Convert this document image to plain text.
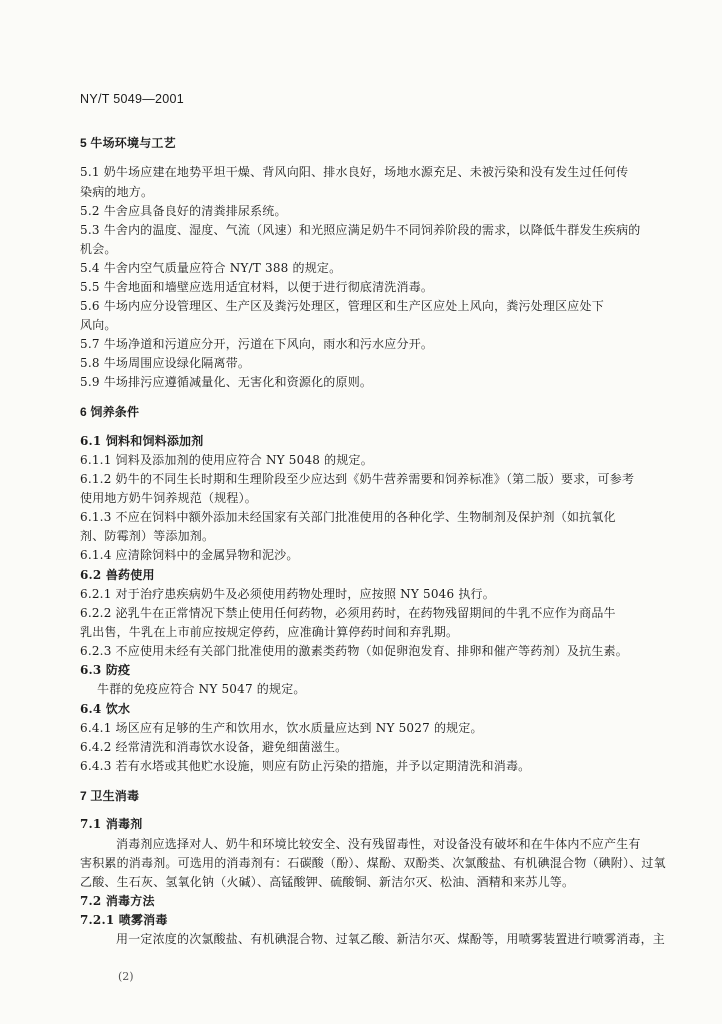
NY/T 5049—2001
5 牛场环境与工艺
5.1 奶牛场应建在地势平坦干燥、背风向阳、排水良好，场地水源充足、未被污染和没有发生过任何传
染病的地方。
5.2 牛舍应具备良好的清粪排尿系统。
5.3 牛舍内的温度、湿度、气流（风速）和光照应满足奶牛不同饲养阶段的需求，以降低牛群发生疾病的
机会。
5.4 牛舍内空气质量应符合 NY/T 388 的规定。
5.5 牛舍地面和墙壁应选用适宜材料，以便于进行彻底清洗消毒。
5.6 牛场内应分设管理区、生产区及粪污处理区，管理区和生产区应处上风向，粪污处理区应处下
风向。
5.7 牛场净道和污道应分开，污道在下风向，雨水和污水应分开。
5.8 牛场周围应设绿化隔离带。
5.9 牛场排污应遵循减量化、无害化和资源化的原则。
6 饲养条件
6.1 饲料和饲料添加剂
6.1.1 饲料及添加剂的使用应符合 NY 5048 的规定。
6.1.2 奶牛的不同生长时期和生理阶段至少应达到《奶牛营养需要和饲养标准》（第二版）要求，可参考
使用地方奶牛饲养规范（规程）。
6.1.3 不应在饲料中额外添加未经国家有关部门批准使用的各种化学、生物制剂及保护剂（如抗氧化
剂、防霉剂）等添加剂。
6.1.4 应清除饲料中的金属异物和泥沙。
6.2 兽药使用
6.2.1 对于治疗患疾病奶牛及必须使用药物处理时，应按照 NY 5046 执行。
6.2.2 泌乳牛在正常情况下禁止使用任何药物，必须用药时，在药物残留期间的牛乳不应作为商品牛
乳出售，牛乳在上市前应按规定停药，应准确计算停药时间和弃乳期。
6.2.3 不应使用未经有关部门批准使用的激素类药物（如促卵泡发育、排卵和催产等药剂）及抗生素。
6.3 防疫
牛群的免疫应符合 NY 5047 的规定。
6.4 饮水
6.4.1 场区应有足够的生产和饮用水，饮水质量应达到 NY 5027 的规定。
6.4.2 经常清洗和消毒饮水设备，避免细菌滋生。
6.4.3 若有水塔或其他贮水设施，则应有防止污染的措施，并予以定期清洗和消毒。
7 卫生消毒
7.1 消毒剂
消毒剂应选择对人、奶牛和环境比较安全、没有残留毒性，对设备没有破坏和在牛体内不应产生有
害积累的消毒剂。可选用的消毒剂有：石碳酸（酚）、煤酚、双酚类、次氯酸盐、有机碘混合物（碘附）、过氧
乙酸、生石灰、氢氧化钠（火碱）、高锰酸钾、硫酸铜、新洁尔灭、松油、酒精和来苏儿等。
7.2 消毒方法
7.2.1 喷雾消毒
用一定浓度的次氯酸盐、有机碘混合物、过氧乙酸、新洁尔灭、煤酚等，用喷雾装置进行喷雾消毒，主
(2)
